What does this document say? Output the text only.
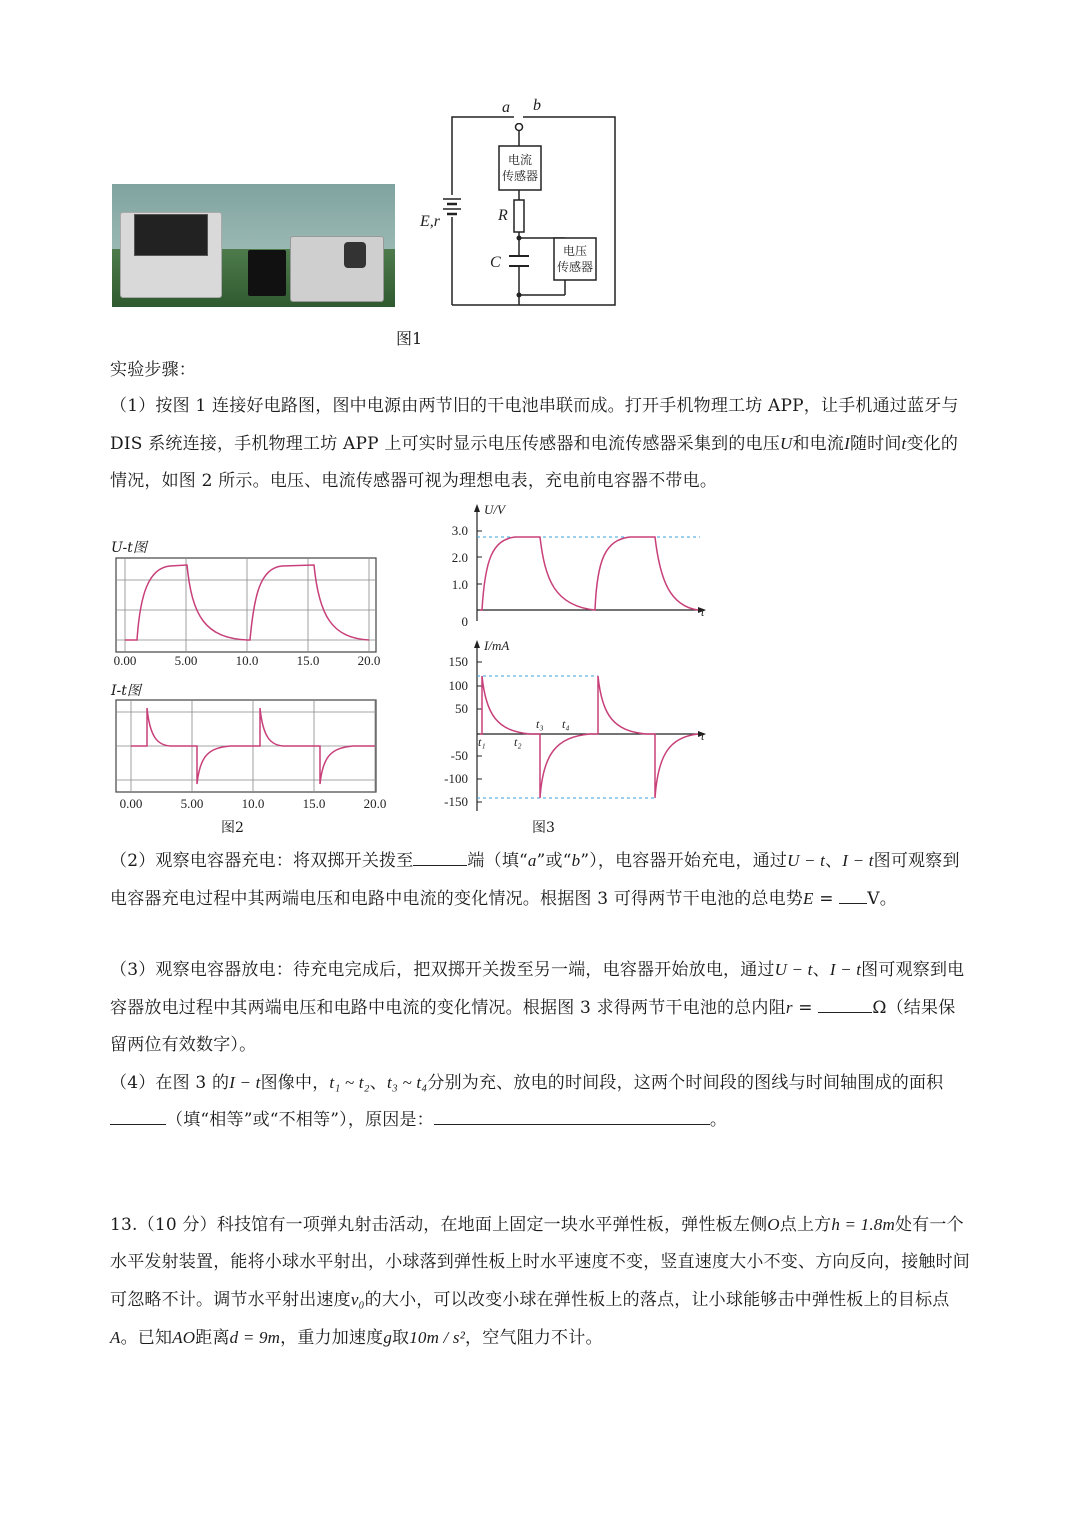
电流
传感器
电压
传感器
a b
E,r	R
C
图1

实验步骤：

（1）按图 1 连接好电路图，图中电源由两节旧的干电池串联而成。打开手机物理工坊 APP，让手机通过蓝牙与 DIS 系统连接，手机物理工坊 APP 上可实时显示电压传感器和电流传感器采集到的电压U和电流I随时间t变化的情况，如图 2 所示。电压、电流传感器可视为理想电表，充电前电容器不带电。

U-t图
0.00	5.00	10.0	15.0	20.0
I-t图
0.00	5.00	10.0	15.0	20.0
图2
U/V
3.0
2.0
1.0
0
t
I/mA
150
100
50
-50
-100
-150
t
t₁ t₂
t₃ t₄
图3

（2）观察电容器充电：将双掷开关拨至	端（填“a”或“b”），电容器开始充电，通过U − t、I − t图可观察到电容器充电过程中其两端电压和电路中电流的变化情况。根据图 3 可得两节干电池的总电势E = V。

（3）观察电容器放电：待充电完成后，把双掷开关拨至另一端，电容器开始放电，通过U − t、I − t图可观察到电容器放电过程中其两端电压和电路中电流的变化情况。根据图 3 求得两节干电池的总内阻r =	Ω（结果保留两位有效数字）。

（4）在图 3 的I − t图像中，t₁ ~ t₂、t₃ ~ t₄分别为充、放电的时间段，这两个时间段的图线与时间轴围成的面积（填“相等”或“不相等”），原因是：	。

13.（10 分）科技馆有一项弹丸射击活动，在地面上固定一块水平弹性板，弹性板左侧O点上方h = 1.8m处有一个水平发射装置，能将小球水平射出，小球落到弹性板上时水平速度不变，竖直速度大小不变、方向反向，接触时间可忽略不计。调节水平射出速度v₀的大小，可以改变小球在弹性板上的落点，让小球能够击中弹性板上的目标点A。已知AO距离d = 9m，重力加速度g取10m / s²，空气阻力不计。
